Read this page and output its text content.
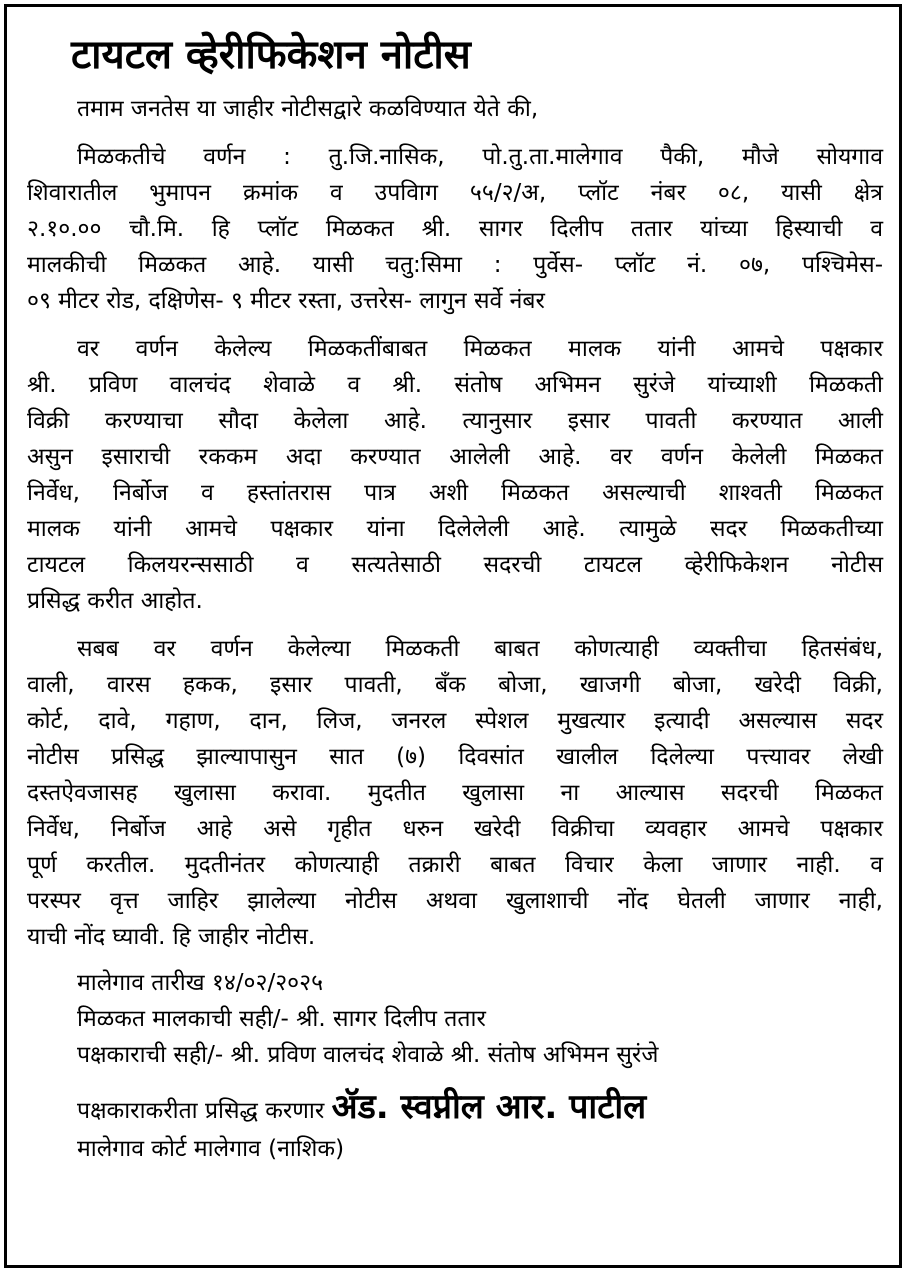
टायटल व्हेरीफिकेशन नोटीस
तमाम जनतेस या जाहीर नोटीसद्वारे कळविण्यात येते की,
मिळकतीचे वर्णन : तु.जि.नासिक, पो.तु.ता.मालेगाव पैकी, मौजे सोयगाव
शिवारातील भुमापन क्रमांक व उपविाग ५५/२/अ, प्लॉट नंबर ०८, यासी क्षेत्र
२.१०.०० चौ.मि. हि प्लॉट मिळकत श्री. सागर दिलीप ततार यांच्या हिस्याची व
मालकीची मिळकत आहे. यासी चतु:सिमा : पुर्वेस- प्लॉट नं. ०७, पश्चिमेस-
०९ मीटर रोड, दक्षिणेस- ९ मीटर रस्ता, उत्तरेस- लागुन सर्वे नंबर
वर वर्णन केलेल्य मिळकतींबाबत मिळकत मालक यांनी आमचे पक्षकार
श्री. प्रविण वालचंद शेवाळे व श्री. संतोष अभिमन सुरंजे यांच्याशी मिळकती
विक्री करण्याचा सौदा केलेला आहे. त्यानुसार इसार पावती करण्यात आली
असुन इसाराची रककम अदा करण्यात आलेली आहे. वर वर्णन केलेली मिळकत
निर्वेध, निर्बोज व हस्तांतरास पात्र अशी मिळकत असल्याची शाश्वती मिळकत
मालक यांनी आमचे पक्षकार यांना दिलेलेली आहे. त्यामुळे सदर मिळकतीच्या
टायटल किलयरन्ससाठी व सत्यतेसाठी सदरची टायटल व्हेरीफिकेशन नोटीस
प्रसिद्ध करीत आहोत.
सबब वर वर्णन केलेल्या मिळकती बाबत कोणत्याही व्यक्तीचा हितसंबंध,
वाली, वारस हकक, इसार पावती, बँक बोजा, खाजगी बोजा, खरेदी विक्री,
कोर्ट, दावे, गहाण, दान, लिज, जनरल स्पेशल मुखत्यार इत्यादी असल्यास सदर
नोटीस प्रसिद्ध झाल्यापासुन सात (७) दिवसांत खालील दिलेल्या पत्त्यावर लेखी
दस्तऐवजासह खुलासा करावा. मुदतीत खुलासा ना आल्यास सदरची मिळकत
निर्वेध, निर्बोज आहे असे गृहीत धरुन खरेदी विक्रीचा व्यवहार आमचे पक्षकार
पूर्ण करतील. मुदतीनंतर कोणत्याही तक्रारी बाबत विचार केला जाणार नाही. व
परस्पर वृत्त जाहिर झालेल्या नोटीस अथवा खुलाशाची नोंद घेतली जाणार नाही,
याची नोंद घ्यावी. हि जाहीर नोटीस.
मालेगाव तारीख १४/०२/२०२५
मिळकत मालकाची सही/- श्री. सागर दिलीप ततार
पक्षकाराची सही/- श्री. प्रविण वालचंद शेवाळे श्री. संतोष अभिमन सुरंजे
पक्षकाराकरीता प्रसिद्ध करणार ॲड. स्वप्नील आर. पाटील
मालेगाव कोर्ट मालेगाव (नाशिक)
